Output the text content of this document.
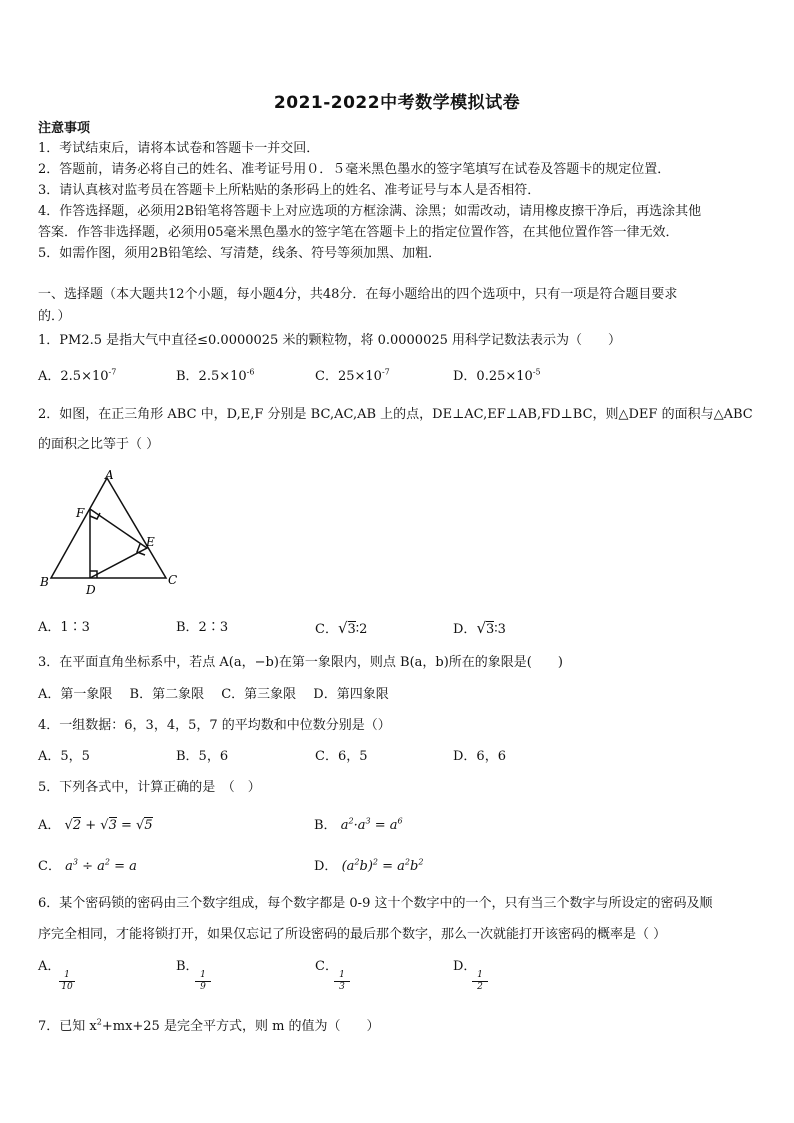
2021-2022中考数学模拟试卷
注意事项
1．考试结束后，请将本试卷和答题卡一并交回．
2．答题前，请务必将自己的姓名、准考证号用０．５毫米黑色墨水的签字笔填写在试卷及答题卡的规定位置．
3．请认真核对监考员在答题卡上所粘贴的条形码上的姓名、准考证号与本人是否相符．
4．作答选择题，必须用2B铅笔将答题卡上对应选项的方框涂满、涂黑；如需改动，请用橡皮擦干净后，再选涂其他
答案．作答非选择题，必须用05毫米黑色墨水的签字笔在答题卡上的指定位置作答，在其他位置作答一律无效．
5．如需作图，须用2B铅笔绘、写清楚，线条、符号等须加黑、加粗．
一、选择题（本大题共12个小题，每小题4分，共48分．在每小题给出的四个选项中，只有一项是符合题目要求
的．）
1．PM2.5 是指大气中直径≤0.0000025 米的颗粒物，将 0.0000025 用科学记数法表示为（　　）
A．$2.5\times 10^{-7}$	B．$2.5\times 10^{-6}$	C．$25\times 10^{-7}$	D．$0.25\times 10^{-5}$
2．如图，在正三角形 ABC 中，D,E,F 分别是 BC,AC,AB 上的点，DE⊥AC,EF⊥AB,FD⊥BC，则△DEF 的面积与△ABC
的面积之比等于（ ）
A
B	C
D
E
F
A．1∶3	B．2∶3	C．√3∶2	D．√3∶3
3．在平面直角坐标系中，若点 A(a，−b)在第一象限内，则点 B(a，b)所在的象限是(　　)
A．第一象限　 B．第二象限　 C．第三象限　 D．第四象限
4．一组数据：6，3，4，5，7 的平均数和中位数分别是（）
A．5，5	B．5，6	C．6，5	D．6，6
5．下列各式中，计算正确的是　（　）
A． √2 + √3 = √5	B． $a^2\cdot a^3 = a^6$
C． $a^3 \div a^2 = a$	D． $(a^2b)^2 = a^2b^2$
6．某个密码锁的密码由三个数字组成，每个数字都是 0-9 这十个数字中的一个，只有当三个数字与所设定的密码及顺
序完全相同，才能将锁打开，如果仅忘记了所设密码的最后那个数字，那么一次就能打开该密码的概率是（ ）
A．
$\frac{1}{10}$
B．
$\frac{1}{9}$
C．
$\frac{1}{3}$
D．
$\frac{1}{2}$
7．已知 $x^2+mx+25$ 是完全平方式，则 m 的值为（　　）
